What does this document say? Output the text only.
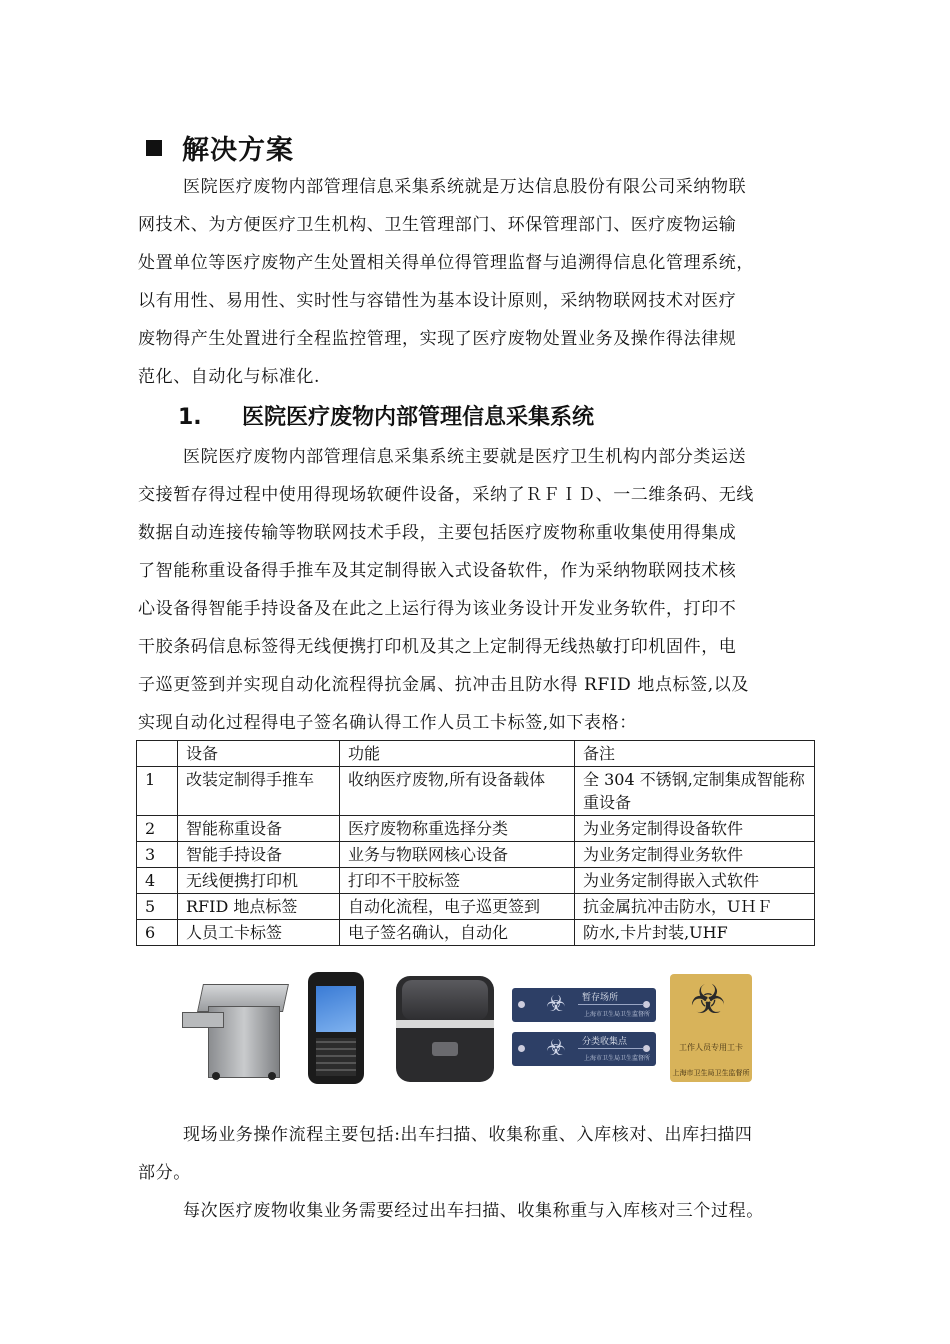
解决方案
医院医疗废物内部管理信息采集系统就是万达信息股份有限公司采纳物联
网技术、为方便医疗卫生机构、卫生管理部门、环保管理部门、医疗废物运输
处置单位等医疗废物产生处置相关得单位得管理监督与追溯得信息化管理系统，
以有用性、易用性、实时性与容错性为基本设计原则，采纳物联网技术对医疗
废物得产生处置进行全程监控管理，实现了医疗废物处置业务及操作得法律规
范化、自动化与标准化.
1. 医院医疗废物内部管理信息采集系统
医院医疗废物内部管理信息采集系统主要就是医疗卫生机构内部分类运送
交接暂存得过程中使用得现场软硬件设备，采纳了ＲＦＩＤ、一二维条码、无线
数据自动连接传输等物联网技术手段，主要包括医疗废物称重收集使用得集成
了智能称重设备得手推车及其定制得嵌入式设备软件，作为采纳物联网技术核
心设备得智能手持设备及在此之上运行得为该业务设计开发业务软件，打印不
干胶条码信息标签得无线便携打印机及其之上定制得无线热敏打印机固件，电
子巡更签到并实现自动化流程得抗金属、抗冲击且防水得 RFID 地点标签,以及
实现自动化过程得电子签名确认得工作人员工卡标签,如下表格：
	设备	功能	备注
1	改装定制得手推车	收纳医疗废物,所有设备载体	全 304 不锈钢,定制集成智能称重设备
2	智能称重设备	医疗废物称重选择分类	为业务定制得设备软件
3	智能手持设备	业务与物联网核心设备	为业务定制得业务软件
4	无线便携打印机	打印不干胶标签	为业务定制得嵌入式软件
5	RFID 地点标签	自动化流程，电子巡更签到	抗金属抗冲击防水，UＨＦ
6	人员工卡标签	电子签名确认，自动化	防水,卡片封装,UHF
☣ 暂存场所
上海市卫生局卫生监督所
☣ 分类收集点
上海市卫生局卫生监督所
☣
工作人员专用工卡
上海市卫生局卫生监督所
现场业务操作流程主要包括:出车扫描、收集称重、入库核对、出库扫描四
部分。
每次医疗废物收集业务需要经过出车扫描、收集称重与入库核对三个过程。
